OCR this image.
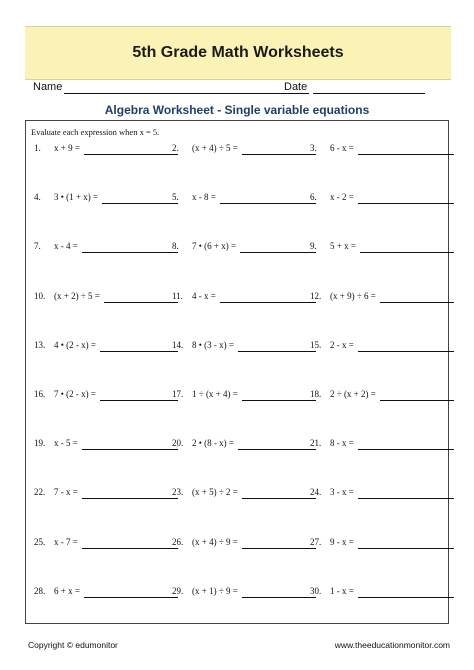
5th Grade Math Worksheets
Name	Date
Algebra Worksheet - Single variable equations
Evaluate each expression when x = 5.
1. x + 9 =	2. (x + 4) ÷ 5 =	3. 6 - x =
4. 3 • (1 + x) =	5. x - 8 =	6. x - 2 =
7. x - 4 =	8. 7 • (6 + x) =	9. 5 + x =
10. (x + 2) ÷ 5 =	11. 4 - x =	12. (x + 9) ÷ 6 =
13. 4 • (2 - x) =	14. 8 • (3 - x) =	15. 2 - x =
16. 7 • (2 - x) =	17. 1 ÷ (x + 4) =	18. 2 ÷ (x + 2) =
19. x - 5 =	20. 2 • (8 - x) =	21. 8 - x =
22. 7 - x =	23. (x + 5) ÷ 2 =	24. 3 - x =
25. x - 7 =	26. (x + 4) ÷ 9 =	27. 9 - x =
28. 6 + x =	29. (x + 1) ÷ 9 =	30. 1 - x =
Copyright © edumonitor	www.theeducationmonitor.com
